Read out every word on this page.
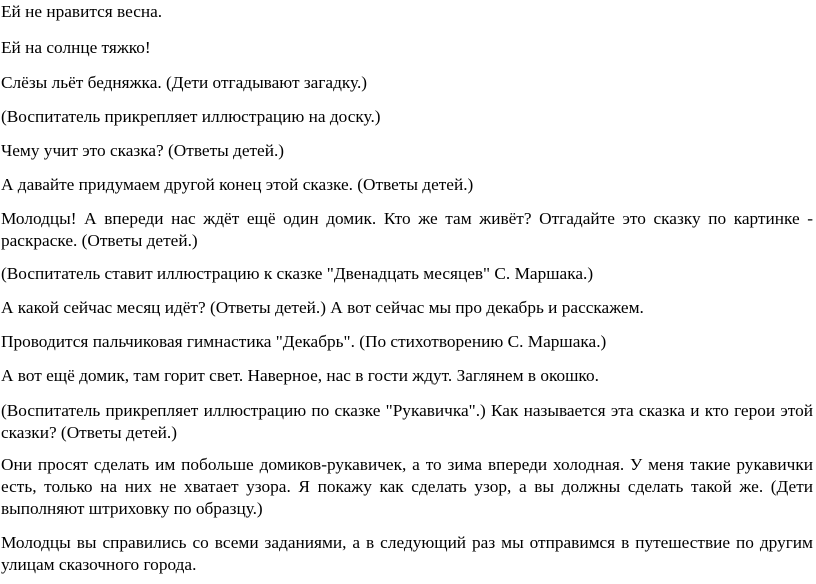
Ей не нравится весна.

Ей на солнце тяжко!

Слёзы льёт бедняжка. (Дети отгадывают загадку.)

(Воспитатель прикрепляет иллюстрацию на доску.)

Чему учит это сказка? (Ответы детей.)

А давайте придумаем другой конец этой сказке. (Ответы детей.)

Молодцы! А впереди нас ждёт ещё один домик. Кто же там живёт? Отгадайте это сказку по картинке - раскраске. (Ответы детей.)

(Воспитатель ставит иллюстрацию к сказке "Двенадцать месяцев" С. Маршака.)

А какой сейчас месяц идёт? (Ответы детей.) А вот сейчас мы про декабрь и расскажем.

Проводится пальчиковая гимнастика "Декабрь". (По стихотворению С. Маршака.)

А вот ещё домик, там горит свет. Наверное, нас в гости ждут. Заглянем в окошко.

(Воспитатель прикрепляет иллюстрацию по сказке "Рукавичка".) Как называется эта сказка и кто герои этой сказки? (Ответы детей.)

Они просят сделать им побольше домиков-рукавичек, а то зима впереди холодная. У меня такие рукавички есть, только на них не хватает узора. Я покажу как сделать узор, а вы должны сделать такой же. (Дети выполняют штриховку по образцу.)

Молодцы вы справились со всеми заданиями, а в следующий раз мы отправимся в путешествие по другим улицам сказочного города.
